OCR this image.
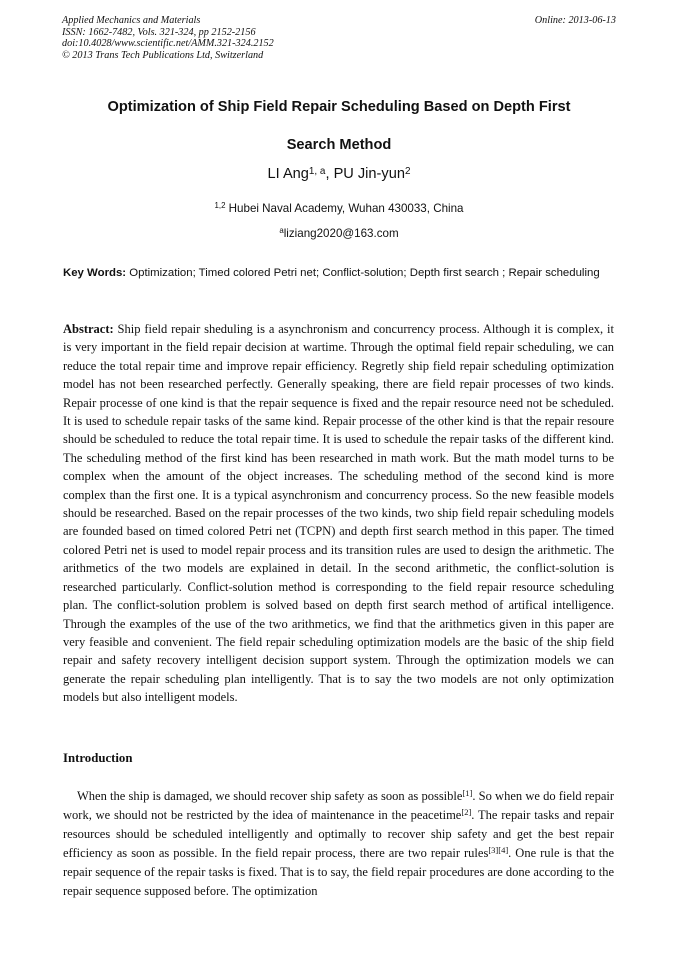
Applied Mechanics and Materials
ISSN: 1662-7482, Vols. 321-324, pp 2152-2156
doi:10.4028/www.scientific.net/AMM.321-324.2152
© 2013 Trans Tech Publications Ltd, Switzerland
Online: 2013-06-13
Optimization of Ship Field Repair Scheduling Based on Depth First
Search Method
LI Ang$^{1, a}$, PU Jin-yun$^2$
$^{1,2}$ Hubei Naval Academy, Wuhan 430033, China
$^a$liziang2020@163.com
Key Words: Optimization; Timed colored Petri net; Conflict-solution; Depth first search ; Repair scheduling
Abstract: Ship field repair sheduling is a asynchronism and concurrency process. Although it is complex, it is very important in the field repair decision at wartime. Through the optimal field repair scheduling, we can reduce the total repair time and improve repair efficiency. Regretly ship field repair scheduling optimization model has not been researched perfectly. Generally speaking, there are field repair processes of two kinds. Repair processe of one kind is that the repair sequence is fixed and the repair resource need not be scheduled. It is used to schedule repair tasks of the same kind. Repair processe of the other kind is that the repair resoure should be scheduled to reduce the total repair time. It is used to schedule the repair tasks of the different kind. The scheduling method of the first kind has been researched in math work. But the math model turns to be complex when the amount of the object increases. The scheduling method of the second kind is more complex than the first one. It is a typical asynchronism and concurrency process. So the new feasible models should be researched. Based on the repair processes of the two kinds, two ship field repair scheduling models are founded based on timed colored Petri net (TCPN) and depth first search method in this paper. The timed colored Petri net is used to model repair process and its transition rules are used to design the arithmetic. The arithmetics of the two models are explained in detail. In the second arithmetic, the conflict-solution is researched particularly. Conflict-solution method is corresponding to the field repair resource scheduling plan. The conflict-solution problem is solved based on depth first search method of artifical intelligence. Through the examples of the use of the two arithmetics, we find that the arithmetics given in this paper are very feasible and convenient. The field repair scheduling optimization models are the basic of the ship field repair and safety recovery intelligent decision support system. Through the optimization models we can generate the repair scheduling plan intelligently. That is to say the two models are not only optimization models but also intelligent models.
Introduction
When the ship is damaged, we should recover ship safety as soon as possible[1]. So when we do field repair work, we should not be restricted by the idea of maintenance in the peacetime[2]. The repair tasks and repair resources should be scheduled intelligently and optimally to recover ship safety and get the best repair efficiency as soon as possible. In the field repair process, there are two repair rules[3][4]. One rule is that the repair sequence of the repair tasks is fixed. That is to say, the field repair procedures are done according to the repair sequence supposed before. The optimization
